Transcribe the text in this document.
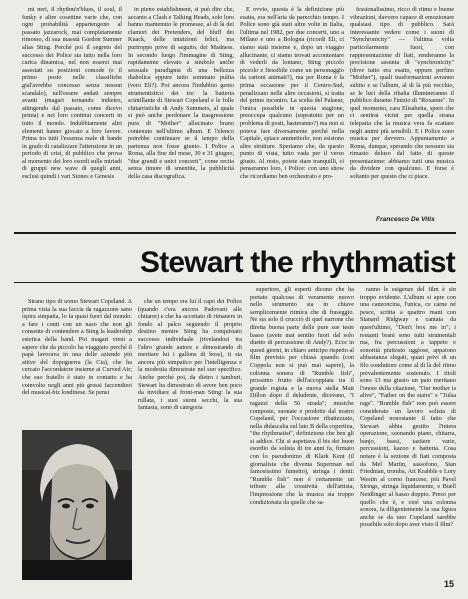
mi neri, il rhythm'n'blues, il soul, il funky e altre cosettine varie che, con ogni probabilità appartengono al passato jazzarock, mai completamente rimosso, di sua maestà Gordon Sumner alias Sting. Perché poi il segreto del successo dei Police sta tutto nella loro carica dinamica, nel non essersi mai assestati su posizioni comode (e il primo posto nelle classifiche gial'avrebbe concesso senza nessun scandalo), nell'essere andati sempre avanti (magari tornando indietro, attingendo dal passato, come dicevo prima) e nei loro continui concerti in tutto il mondo. Indubbiamente altri elementi hanno giocato a loro favore. Prima tra tutti l'essenza reale di bande in grado di catalizzare l'attenzione in un periodo di crisi, di pubblico che prova al momento dei loro esordi sulle miriadi di gruppi new wave di quegli anni, esclusi quindi i vari Stones e Genesis

in pieno establishment, si può dire che, accanto a Clash e Talking Heads, solo loro hanno mantenuto le promesse, al di là dei clamori dei Pretenders, del bluff dei Knack, delle intuizioni felici, ma purtroppo prive di seguito, dei Madness. In secondo luogo l'immagine di Sting, rapidamente elevato a simbolo anche sessuale paradigma di una bellezza diabolica eppure tutto sommato pulita (vero Eli?). Poi ancora l'indubbio genio strumentistico dei tre: la batteria scintillante di Stewart Copeland e le folle chitarristiche di Andy Summers, al quale si può anche perdonare la trasgressione pura di "Mother" allucinato brano contenuto nell'ultimo album. E l'elenco potrebbe continuare se il tempo della partenza non fosse giunto. I Police a Roma, alla fine del mese, 30 e 31 giugno, "due grandi e unici concerti", come recita senza timore di smentite, la pubblicità della casa discografica.

E ovvio, questa è la definizione più esatta, era nell'aria da parecchio tempo. I Police sono già stati altre volte in Italia, l'ultima nel 1982, per due concerti, uno a Milano e uno a Bologna (ricordi Eli, ci siamo stati insieme e, dopo un viaggio allucinante, ci siamo trovati accontentare di vederli da lontano, Sting piccolo piccolo e fiessibile come un personaggio da cartoni animati?), ma per Roma è la prima occasione per il Centro-Sud, penalizzato nelle altre occasioni, sì tratta del primo incontro. La scelta del Palaeur, l'unica possibile in questa stagione, preoccupa qualcuno (sopratutto per un problema di posti, basteranno?) ma non si poteva fare diversamente perché nella Capitale, spiace ammetterlo, non esistono altre strutture. Speriamo che, da questo punto di vista, tutto vada per il verso giusto. Al resto, potete stare tranquilli, ci penseranno loro, i Police: con uno show che ricordiamo ben orchestrato e pro-

fessionalissimo, ricco di ritmo e buone vibrazioni, davvero capace di emozionare qualsiasi tipo di pubblico. Sarà interessante vedere come i suoni di "Synchronicity" — l'ultima volta particolarmente fuori, con rappresentazione di fiati, renderanno la precisione assunta di "synchronicity" (dove tutto era esatto, oppure perfino "Mother"), quali trasformazioni avranno subito e se l'album, al di là più vecchio, se le luci della ribalta illumineranno il pubblico durante l'inizio di "Roxanne". In quel momento, cara Elisabetta, spero che ci sentirai vicini per quella strana telepatia che la musica vera fa scattare negli animi più sensibili. E i Police sono musica per davvero. Appuntamento a Roma, dunque, sperando che nessuno sia rimasto deluso dal fatto di queste presentazione: abbiamo tutti una musica da dividere con qualcuno. E forse è soltanto per questo che ci piace.

Francesco De Vitis
Stewart the rhythmatist

Strano tipo di uomo Stewart Copeland. A prima vista la sua faccia da ragazzone sano ispira simpatia, lo fa quasi fuori dal mondo: a fare i conti con un naso che non gli consente di contendere a Sting la leadership estetica della band. Poi magari vieni a sapere che da piccolo ha viaggiato perché il papà lavorava in una delle aziende più attive del dopoguerra (la Cia), che ha cercato l'accordatore insieme ai Curved Air; che suo fratello è stato in contatto e ha coinvolto negli anni più grossi faccendieri del musical-biz londinese. Se pensi

che un tempo era lui il capo dei Police (quando c'era ancora Padovani alle chitarre) e che ha accettato di rimanere in fondo al palco seguendo il proprio destino mentre Sting ha conquistato successo individuale (rivelandosi tra l'altro grande autore e dimostrando di meritare lui i gallons di boss), ti sta ancora più simpatico per l'intelligenza e la modestia dimostrate nel suo specifico. Anche perché poi, da dietro i tamburi, Stewart ha dimostrato di avere ben poco da invidiare al front-man Sting: la sua rullata, i suoi suoni secchi, la sua fantasia, sono di categoria

superiore, gli esperti dicono che ha portato qualcosa di veramente nuovo nello strumento sia in chiave semplicemente ritmica che di fraseggio. Ne sta solo il crucciò di quel narrone che diretta buona parte delle pure sue teste basso (avete mai sentito fuori dal solo duetto di percussione di Andy?). Ecce in questi giorni, in chiaro anticipo rispetto al film previsto per chissà quando (con Coppola non si può mai sapere), la colonna sonora di "Rumble fish", prossimo frutto dell'accoppiata tra il grande regista e la nuova stella Matt Dillon dopo il deludente, dicevano, "I ragazzi della 56 strada"; musiche composte, suonate e prodotte dal nostro Copeland, per l'occasione ribattezzato, nella didascalia sul lato B della copertina, "the rhythmatist", definizione che ben gli si addice. Chi si aspettava il bis dei buon esordio da solista di tre anni fa, firmato con lo pseudonimo di Klark Kent (il giornalista che diventa Superman nel famosissimo fumetto), stringa i denti: "Rumble fish" non è certamente un tributo alla creatività dell'artista, l'impressione che la musica sia troppo condizionata da quelle che sa-

ranno le esigenze del film è sin troppo evidente. L'album si apre con una canzoncina, l'unica, ce carne né pesce, scritta a quattro mani con Stanard Ridgway e cantata da quest'ultimo, "Don't box me in"; i restanti brani sono tutti strumentali ma, fra percussioni a tappeto e sonorità piuttosto uggiose, appaiono abbastanza slegati, quasi privi di un filo conduttore come al di là del ritmo prevalentemente sostenuto. I titoli sono 13 ma giusto un paio meritano l'onore della citazione, "Our mother is alive", "Father on the stairs" e "Tulsa rags". "Rumble fish" non può essere considerato un lavoro solista di Copeland nonostante il fatto che Stewart abbia gestito l'intera operazione, suonando piano, chitarra, banjo, bassi, tastiere varie, percussioni, kazoo e batteria. Cosa notare è la sezione di fiati composta da Mel Martin, sassofono, Stan Friedman, tromba, Art Krabble e Lory Westin al corno francese, più Pavel Strings, stringa liquidamente, e Buell Neidlinger al basso doppio. Preso per quello che è, e cioè una colonna sonora, fa diligentemente la sua figura anche se da uno Copeland sarebbe possibile solo dopo aver visto il film?

15
